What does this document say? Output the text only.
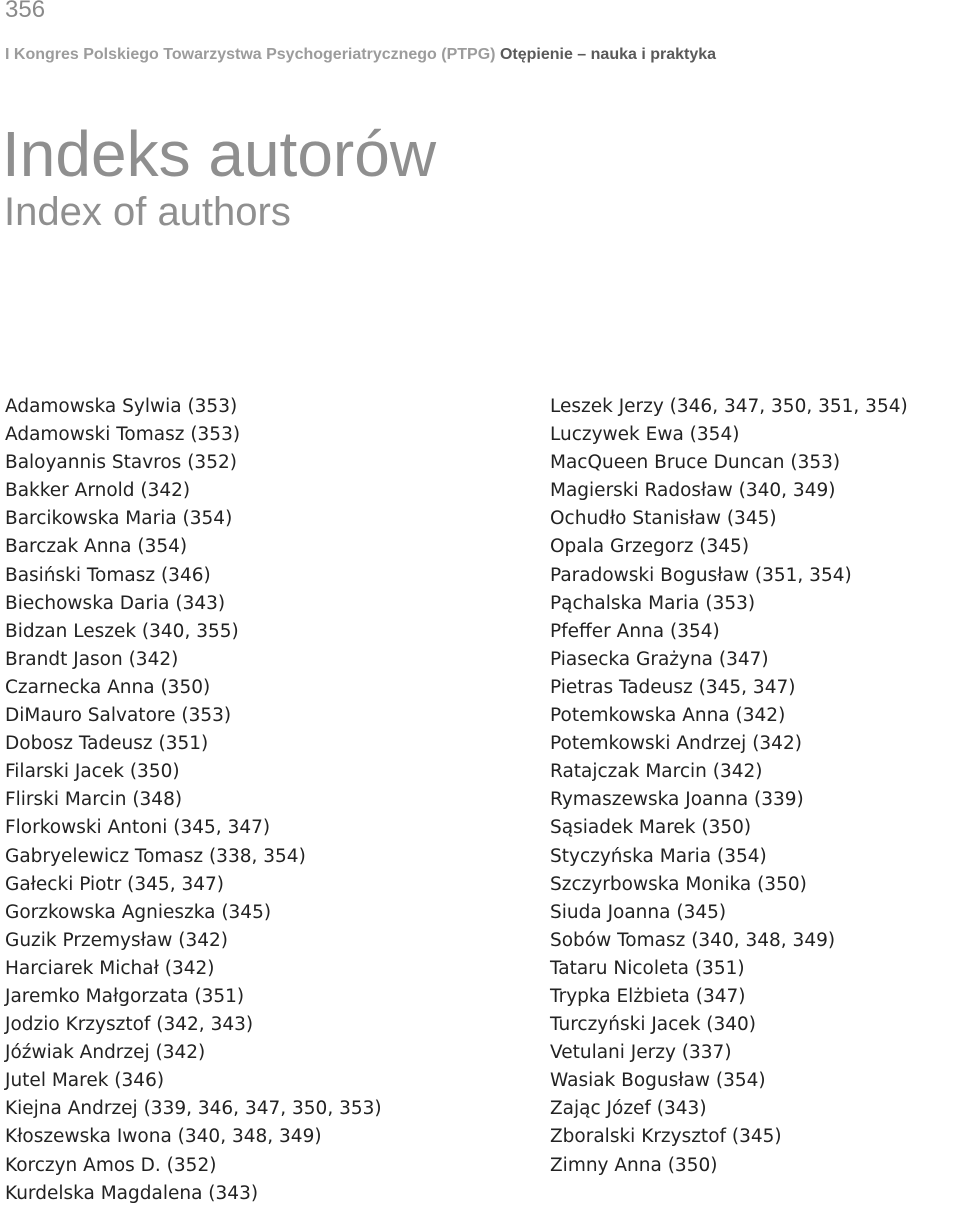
356
I Kongres Polskiego Towarzystwa Psychogeriatrycznego (PTPG) Otępienie – nauka i praktyka
Indeks autorów
Index of authors
Adamowska Sylwia (353)
Adamowski Tomasz (353)
Baloyannis Stavros (352)
Bakker Arnold (342)
Barcikowska Maria (354)
Barczak Anna (354)
Basiński Tomasz (346)
Biechowska Daria (343)
Bidzan Leszek (340, 355)
Brandt Jason (342)
Czarnecka Anna (350)
DiMauro Salvatore (353)
Dobosz Tadeusz (351)
Filarski Jacek (350)
Flirski Marcin (348)
Florkowski Antoni (345, 347)
Gabryelewicz Tomasz (338, 354)
Gałecki Piotr (345, 347)
Gorzkowska Agnieszka (345)
Guzik Przemysław (342)
Harciarek Michał (342)
Jaremko Małgorzata (351)
Jodzio Krzysztof (342, 343)
Jóźwiak Andrzej (342)
Jutel Marek (346)
Kiejna Andrzej (339, 346, 347, 350, 353)
Kłoszewska Iwona (340, 348, 349)
Korczyn Amos D. (352)
Kurdelska Magdalena (343)
Leszek Jerzy (346, 347, 350, 351, 354)
Luczywek Ewa (354)
MacQueen Bruce Duncan (353)
Magierski Radosław (340, 349)
Ochudło Stanisław (345)
Opala Grzegorz (345)
Paradowski Bogusław (351, 354)
Pąchalska Maria (353)
Pfeffer Anna (354)
Piasecka Grażyna (347)
Pietras Tadeusz (345, 347)
Potemkowska Anna (342)
Potemkowski Andrzej (342)
Ratajczak Marcin (342)
Rymaszewska Joanna (339)
Sąsiadek Marek (350)
Styczyńska Maria (354)
Szczyrbowska Monika (350)
Siuda Joanna (345)
Sobów Tomasz (340, 348, 349)
Tataru Nicoleta (351)
Trypka Elżbieta (347)
Turczyński Jacek (340)
Vetulani Jerzy (337)
Wasiak Bogusław (354)
Zając Józef (343)
Zboralski Krzysztof (345)
Zimny Anna (350)
